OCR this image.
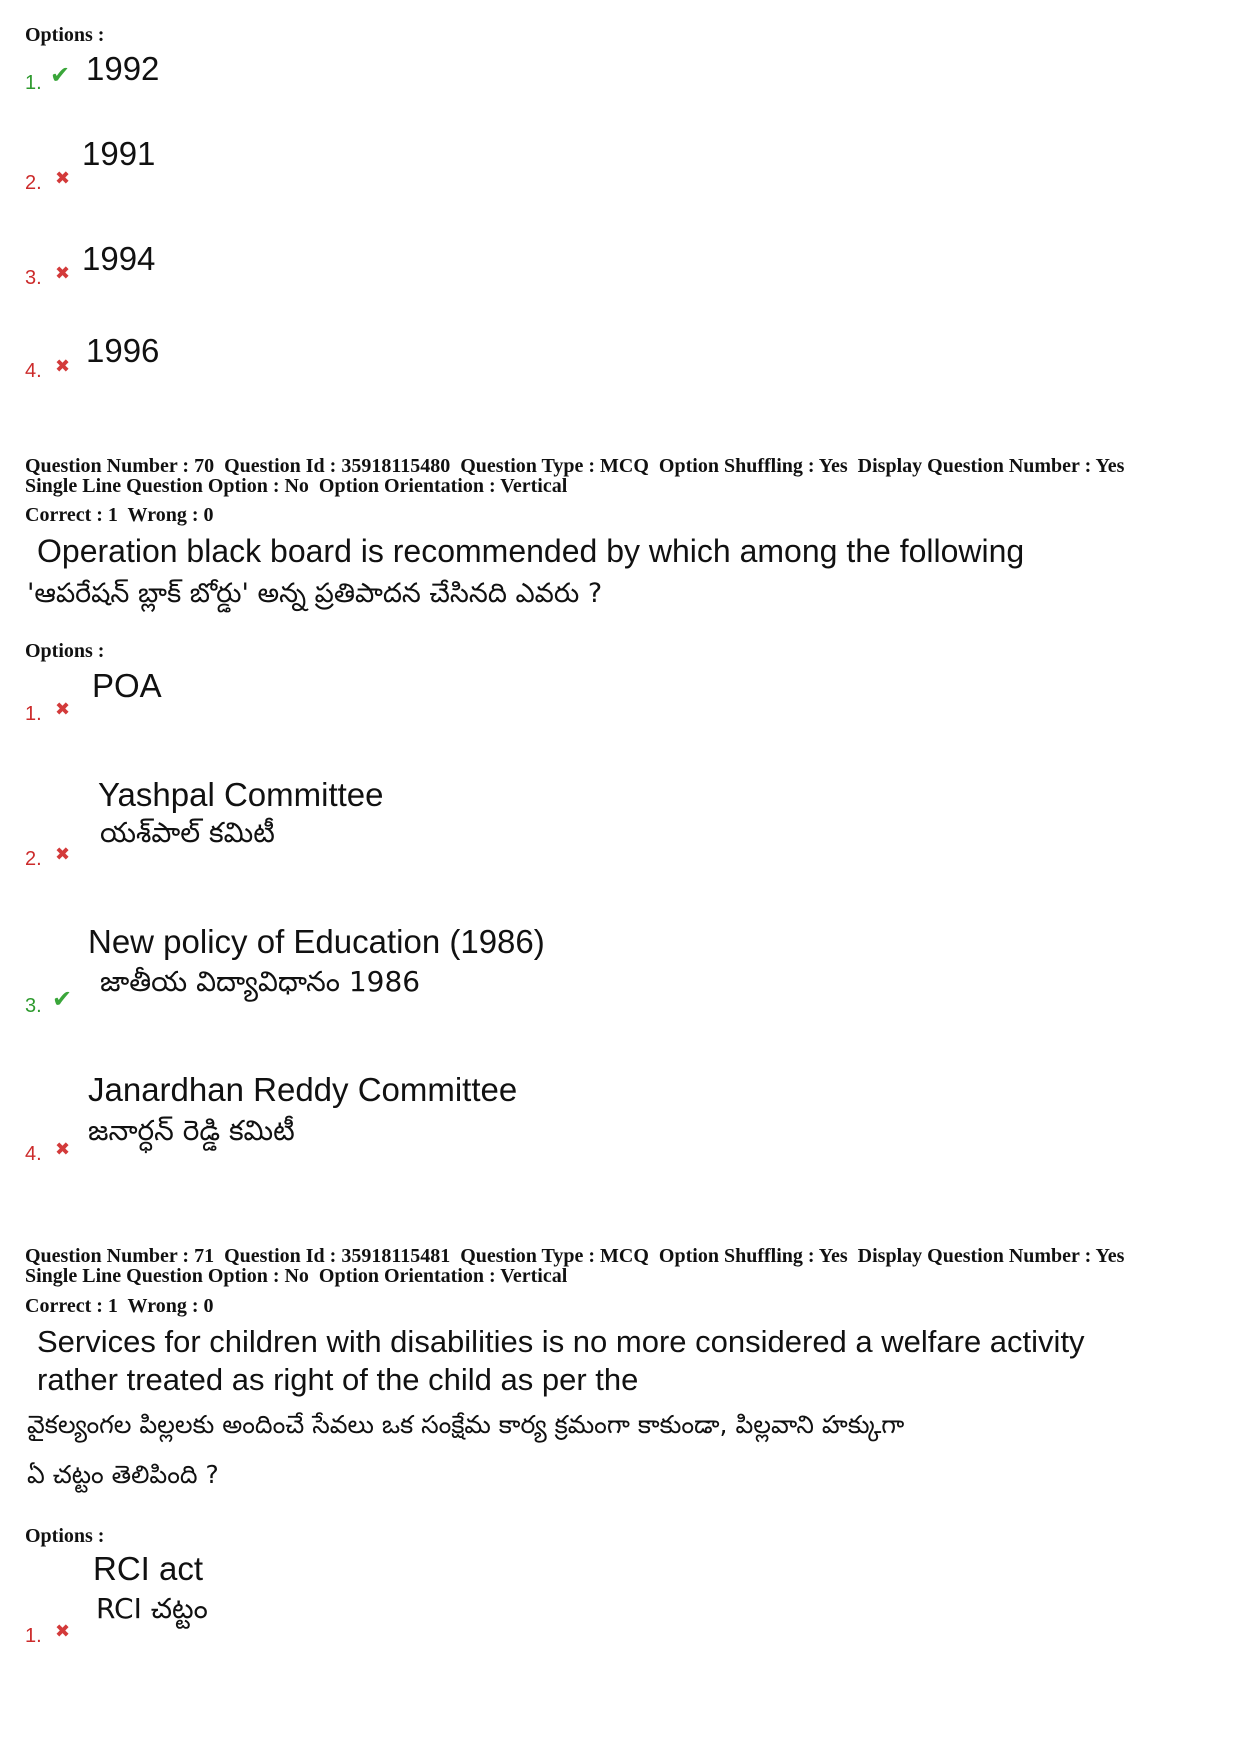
Options :
1. ✔ 1992
2. ✖
1991
3. ✖ 1994
4. ✖ 1996
Question Number : 70  Question Id : 35918115480  Question Type : MCQ  Option Shuffling : Yes  Display Question Number : Yes
Single Line Question Option : No  Option Orientation : Vertical
Correct : 1  Wrong : 0
Operation black board is recommended by which among the following
'ఆపరేషన్ బ్లాక్ బోర్డు' అన్న ప్రతిపాదన చేసినది ఎవరు ?
Options :
1. ✖
POA
2. ✖
Yashpal Committee
యశ్‌పాల్ కమిటీ
3. ✔
New policy of Education (1986)
జాతీయ విద్యావిధానం 1986
4. ✖
Janardhan Reddy Committee
జనార్ధన్ రెడ్డి కమిటీ
Question Number : 71  Question Id : 35918115481  Question Type : MCQ  Option Shuffling : Yes  Display Question Number : Yes
Single Line Question Option : No  Option Orientation : Vertical
Correct : 1  Wrong : 0
Services for children with disabilities is no more considered a welfare activity
rather treated as right of the child as per the
వైకల్యంగల పిల్లలకు అందించే సేవలు ఒక సంక్షేమ కార్య క్రమంగా కాకుండా, పిల్లవాని హక్కుగా
ఏ చట్టం తెలిపింది ?
Options :
1. ✖
RCI act
RCI చట్టం
